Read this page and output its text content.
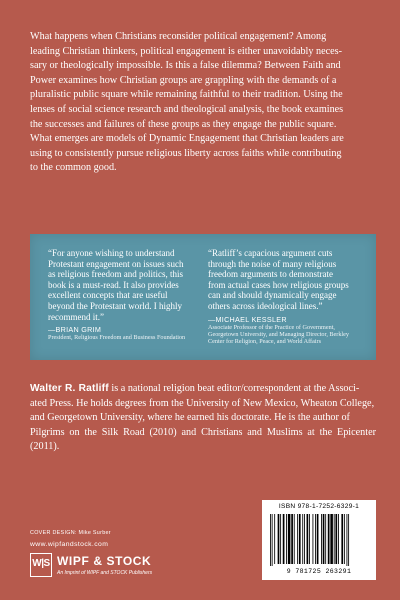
What happens when Christians reconsider political engagement? Among
leading Christian thinkers, political engagement is either unavoidably neces-
sary or theologically impossible. Is this a false dilemma? Between Faith and
Power examines how Christian groups are grappling with the demands of a
pluralistic public square while remaining faithful to their tradition. Using the
lenses of social science research and theological analysis, the book examines
the successes and failures of these groups as they engage the public square.
What emerges are models of Dynamic Engagement that Christian leaders are
using to consistently pursue religious liberty across faiths while contributing
to the common good.

“For anyone wishing to understand
Protestant engagement on issues such
as religious freedom and politics, this
book is a must-read. It also provides
excellent concepts that are useful
beyond the Protestant world. I highly
recommend it.”

—BRIAN GRIM

President, Religious Freedom and Business Foundation

“Ratliff’s capacious argument cuts
through the noise of many religious
freedom arguments to demonstrate
from actual cases how religious groups
can and should dynamically engage
others across ideological lines.”

—MICHAEL KESSLER

Associate Professor of the Practice of Government,
Georgetown University, and Managing Director, Berkley
Center for Religion, Peace, and World Affairs

Walter R. Ratliff is a national religion beat editor/correspondent at the Associ-
ated Press. He holds degrees from the University of New Mexico, Wheaton College,
and Georgetown University, where he earned his doctorate. He is the author of
Pilgrims on the Silk Road (2010) and Christians and Muslims at the Epicenter (2011).

COVER DESIGN: Mike Surber
www.wipfandstock.com
W|S WIPF & STOCK
An Imprint of WIPF and STOCK Publishers
ISBN 978-1-7252-6329-1
9 781725 263291
